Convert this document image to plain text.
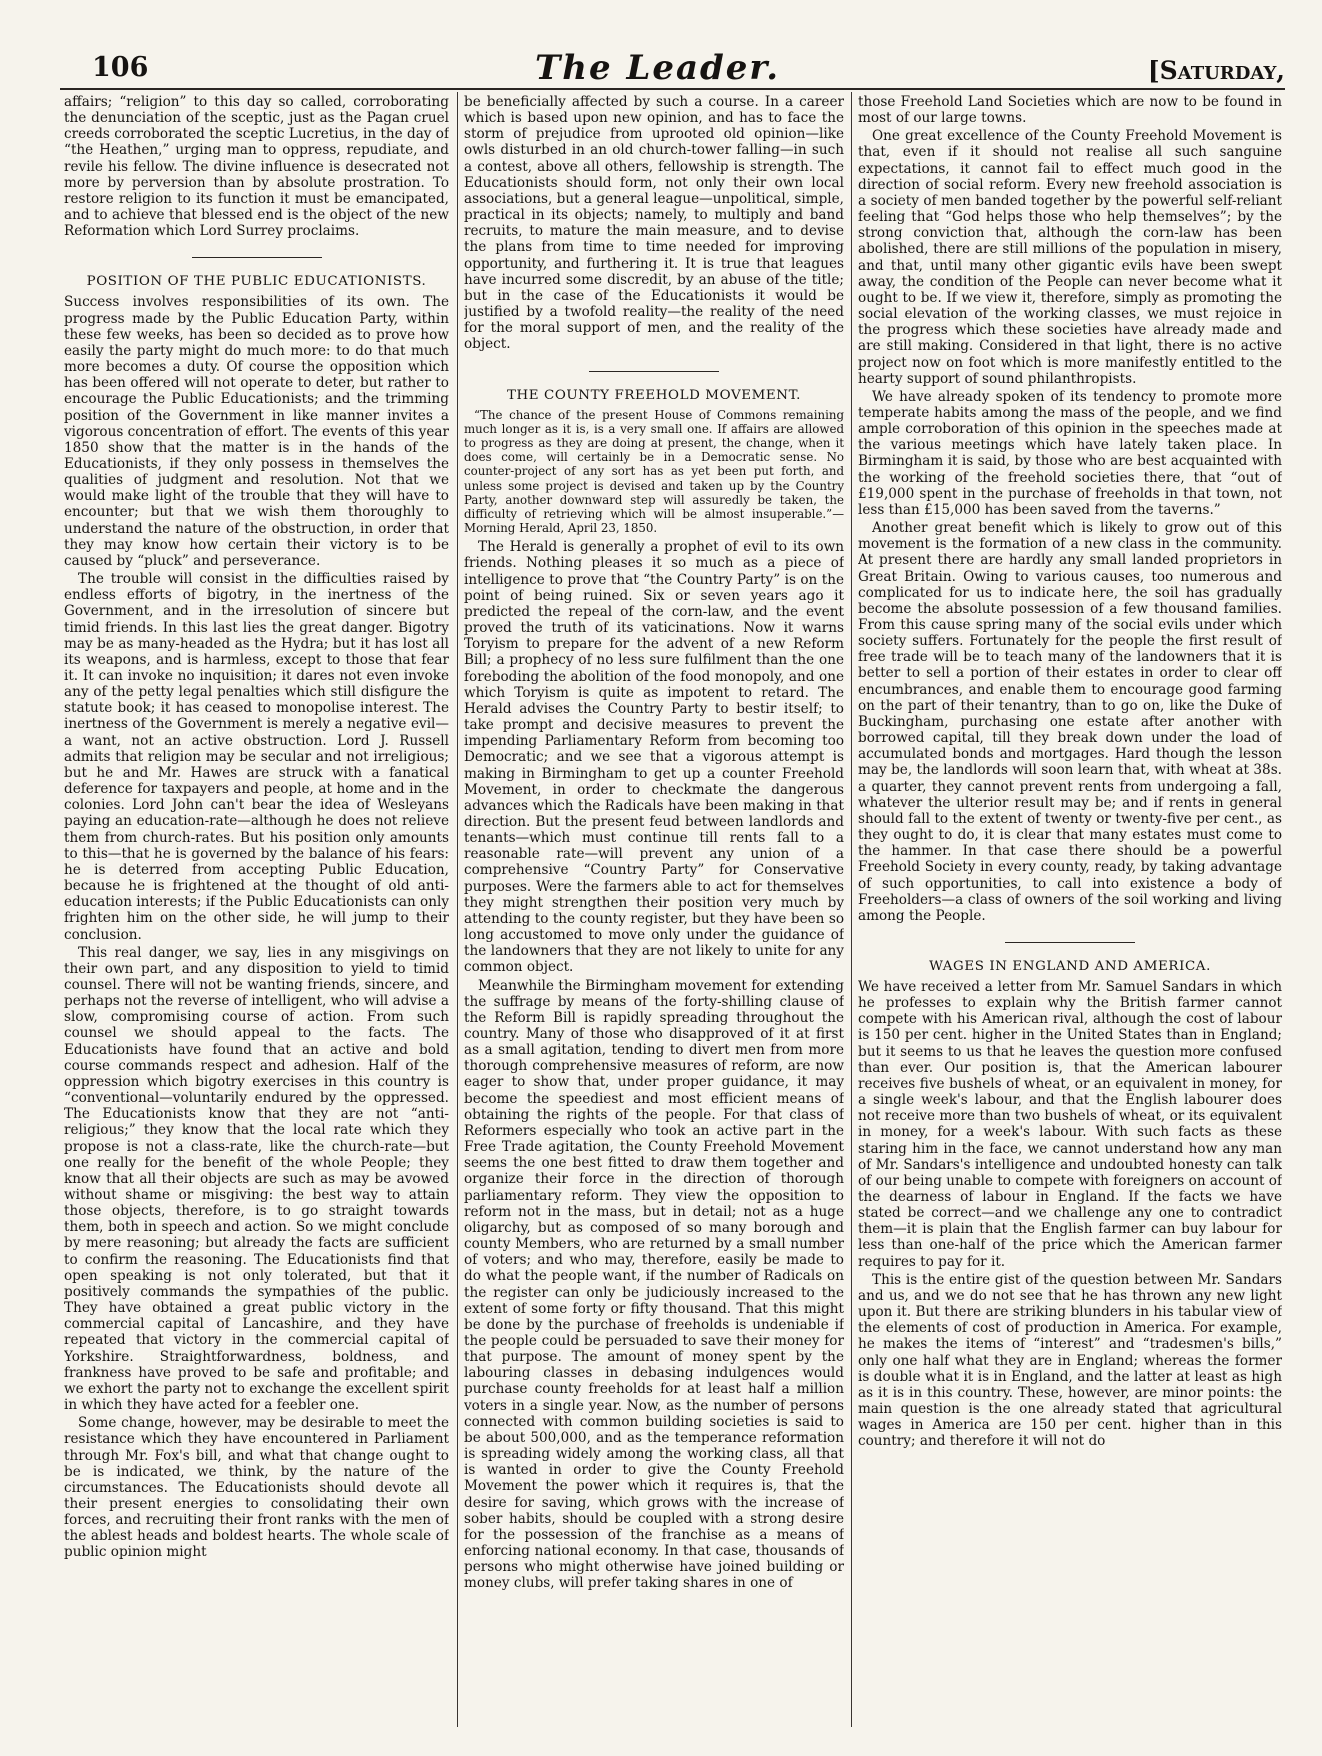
106	The Leader.	[Saturday,

affairs; “religion” to this day so called, corroborating the denunciation of the sceptic, just as the Pagan cruel creeds corroborated the sceptic Lucretius, in the day of “the Heathen,” urging man to oppress, repudiate, and revile his fellow. The divine influence is desecrated not more by perversion than by absolute prostration. To restore religion to its function it must be emancipated, and to achieve that blessed end is the object of the new Reformation which Lord Surrey proclaims.

POSITION OF THE PUBLIC EDUCATIONISTS.

Success involves responsibilities of its own. The progress made by the Public Education Party, within these few weeks, has been so decided as to prove how easily the party might do much more: to do that much more becomes a duty. Of course the opposition which has been offered will not operate to deter, but rather to encourage the Public Educationists; and the trimming position of the Government in like manner invites a vigorous concentration of effort. The events of this year 1850 show that the matter is in the hands of the Educationists, if they only possess in themselves the qualities of judgment and resolution. Not that we would make light of the trouble that they will have to encounter; but that we wish them thoroughly to understand the nature of the obstruction, in order that they may know how certain their victory is to be caused by “pluck” and perseverance.

The trouble will consist in the difficulties raised by endless efforts of bigotry, in the inertness of the Government, and in the irresolution of sincere but timid friends. In this last lies the great danger. Bigotry may be as many-headed as the Hydra; but it has lost all its weapons, and is harmless, except to those that fear it. It can invoke no inquisition; it dares not even invoke any of the petty legal penalties which still disfigure the statute book; it has ceased to monopolise interest. The inertness of the Government is merely a negative evil—a want, not an active obstruction. Lord J. Russell admits that religion may be secular and not irreligious; but he and Mr. Hawes are struck with a fanatical deference for taxpayers and people, at home and in the colonies. Lord John can't bear the idea of Wesleyans paying an education-rate—although he does not relieve them from church-rates. But his position only amounts to this—that he is governed by the balance of his fears: he is deterred from accepting Public Education, because he is frightened at the thought of old anti-education interests; if the Public Educationists can only frighten him on the other side, he will jump to their conclusion.

This real danger, we say, lies in any misgivings on their own part, and any disposition to yield to timid counsel. There will not be wanting friends, sincere, and perhaps not the reverse of intelligent, who will advise a slow, compromising course of action. From such counsel we should appeal to the facts. The Educationists have found that an active and bold course commands respect and adhesion. Half of the oppression which bigotry exercises in this country is “conventional—voluntarily endured by the oppressed. The Educationists know that they are not “anti-religious;” they know that the local rate which they propose is not a class-rate, like the church-rate—but one really for the benefit of the whole People; they know that all their objects are such as may be avowed without shame or misgiving: the best way to attain those objects, therefore, is to go straight towards them, both in speech and action. So we might conclude by mere reasoning; but already the facts are sufficient to confirm the reasoning. The Educationists find that open speaking is not only tolerated, but that it positively commands the sympathies of the public. They have obtained a great public victory in the commercial capital of Lancashire, and they have repeated that victory in the commercial capital of Yorkshire. Straightforwardness, boldness, and frankness have proved to be safe and profitable; and we exhort the party not to exchange the excellent spirit in which they have acted for a feebler one.

Some change, however, may be desirable to meet the resistance which they have encountered in Parliament through Mr. Fox's bill, and what that change ought to be is indicated, we think, by the nature of the circumstances. The Educationists should devote all their present energies to consolidating their own forces, and recruiting their front ranks with the men of the ablest heads and boldest hearts. The whole scale of public opinion might

be beneficially affected by such a course. In a career which is based upon new opinion, and has to face the storm of prejudice from uprooted old opinion—like owls disturbed in an old church-tower falling—in such a contest, above all others, fellowship is strength. The Educationists should form, not only their own local associations, but a general league—unpolitical, simple, practical in its objects; namely, to multiply and band recruits, to mature the main measure, and to devise the plans from time to time needed for improving opportunity, and furthering it. It is true that leagues have incurred some discredit, by an abuse of the title; but in the case of the Educationists it would be justified by a twofold reality—the reality of the need for the moral support of men, and the reality of the object.

THE COUNTY FREEHOLD MOVEMENT.

“The chance of the present House of Commons remaining much longer as it is, is a very small one. If affairs are allowed to progress as they are doing at present, the change, when it does come, will certainly be in a Democratic sense. No counter-project of any sort has as yet been put forth, and unless some project is devised and taken up by the Country Party, another downward step will assuredly be taken, the difficulty of retrieving which will be almost insuperable.”—Morning Herald, April 23, 1850.

The Herald is generally a prophet of evil to its own friends. Nothing pleases it so much as a piece of intelligence to prove that “the Country Party” is on the point of being ruined. Six or seven years ago it predicted the repeal of the corn-law, and the event proved the truth of its vaticinations. Now it warns Toryism to prepare for the advent of a new Reform Bill; a prophecy of no less sure fulfilment than the one foreboding the abolition of the food monopoly, and one which Toryism is quite as impotent to retard. The Herald advises the Country Party to bestir itself; to take prompt and decisive measures to prevent the impending Parliamentary Reform from becoming too Democratic; and we see that a vigorous attempt is making in Birmingham to get up a counter Freehold Movement, in order to checkmate the dangerous advances which the Radicals have been making in that direction. But the present feud between landlords and tenants—which must continue till rents fall to a reasonable rate—will prevent any union of a comprehensive “Country Party” for Conservative purposes. Were the farmers able to act for themselves they might strengthen their position very much by attending to the county register, but they have been so long accustomed to move only under the guidance of the landowners that they are not likely to unite for any common object.

Meanwhile the Birmingham movement for extending the suffrage by means of the forty-shilling clause of the Reform Bill is rapidly spreading throughout the country. Many of those who disapproved of it at first as a small agitation, tending to divert men from more thorough comprehensive measures of reform, are now eager to show that, under proper guidance, it may become the speediest and most efficient means of obtaining the rights of the people. For that class of Reformers especially who took an active part in the Free Trade agitation, the County Freehold Movement seems the one best fitted to draw them together and organize their force in the direction of thorough parliamentary reform. They view the opposition to reform not in the mass, but in detail; not as a huge oligarchy, but as composed of so many borough and county Members, who are returned by a small number of voters; and who may, therefore, easily be made to do what the people want, if the number of Radicals on the register can only be judiciously increased to the extent of some forty or fifty thousand. That this might be done by the purchase of freeholds is undeniable if the people could be persuaded to save their money for that purpose. The amount of money spent by the labouring classes in debasing indulgences would purchase county freeholds for at least half a million voters in a single year. Now, as the number of persons connected with common building societies is said to be about 500,000, and as the temperance reformation is spreading widely among the working class, all that is wanted in order to give the County Freehold Movement the power which it requires is, that the desire for saving, which grows with the increase of sober habits, should be coupled with a strong desire for the possession of the franchise as a means of enforcing national economy. In that case, thousands of persons who might otherwise have joined building or money clubs, will prefer taking shares in one of

those Freehold Land Societies which are now to be found in most of our large towns.

One great excellence of the County Freehold Movement is that, even if it should not realise all such sanguine expectations, it cannot fail to effect much good in the direction of social reform. Every new freehold association is a society of men banded together by the powerful self-reliant feeling that “God helps those who help themselves”; by the strong conviction that, although the corn-law has been abolished, there are still millions of the population in misery, and that, until many other gigantic evils have been swept away, the condition of the People can never become what it ought to be. If we view it, therefore, simply as promoting the social elevation of the working classes, we must rejoice in the progress which these societies have already made and are still making. Considered in that light, there is no active project now on foot which is more manifestly entitled to the hearty support of sound philanthropists.

We have already spoken of its tendency to promote more temperate habits among the mass of the people, and we find ample corroboration of this opinion in the speeches made at the various meetings which have lately taken place. In Birmingham it is said, by those who are best acquainted with the working of the freehold societies there, that “out of £19,000 spent in the purchase of freeholds in that town, not less than £15,000 has been saved from the taverns.”

Another great benefit which is likely to grow out of this movement is the formation of a new class in the community. At present there are hardly any small landed proprietors in Great Britain. Owing to various causes, too numerous and complicated for us to indicate here, the soil has gradually become the absolute possession of a few thousand families. From this cause spring many of the social evils under which society suffers. Fortunately for the people the first result of free trade will be to teach many of the landowners that it is better to sell a portion of their estates in order to clear off encumbrances, and enable them to encourage good farming on the part of their tenantry, than to go on, like the Duke of Buckingham, purchasing one estate after another with borrowed capital, till they break down under the load of accumulated bonds and mortgages. Hard though the lesson may be, the landlords will soon learn that, with wheat at 38s. a quarter, they cannot prevent rents from undergoing a fall, whatever the ulterior result may be; and if rents in general should fall to the extent of twenty or twenty-five per cent., as they ought to do, it is clear that many estates must come to the hammer. In that case there should be a powerful Freehold Society in every county, ready, by taking advantage of such opportunities, to call into existence a body of Freeholders—a class of owners of the soil working and living among the People.

WAGES IN ENGLAND AND AMERICA.

We have received a letter from Mr. Samuel Sandars in which he professes to explain why the British farmer cannot compete with his American rival, although the cost of labour is 150 per cent. higher in the United States than in England; but it seems to us that he leaves the question more confused than ever. Our position is, that the American labourer receives five bushels of wheat, or an equivalent in money, for a single week's labour, and that the English labourer does not receive more than two bushels of wheat, or its equivalent in money, for a week's labour. With such facts as these staring him in the face, we cannot understand how any man of Mr. Sandars's intelligence and undoubted honesty can talk of our being unable to compete with foreigners on account of the dearness of labour in England. If the facts we have stated be correct—and we challenge any one to contradict them—it is plain that the English farmer can buy labour for less than one-half of the price which the American farmer requires to pay for it.

This is the entire gist of the question between Mr. Sandars and us, and we do not see that he has thrown any new light upon it. But there are striking blunders in his tabular view of the elements of cost of production in America. For example, he makes the items of “interest” and “tradesmen's bills,” only one half what they are in England; whereas the former is double what it is in England, and the latter at least as high as it is in this country. These, however, are minor points: the main question is the one already stated that agricultural wages in America are 150 per cent. higher than in this country; and therefore it will not do
